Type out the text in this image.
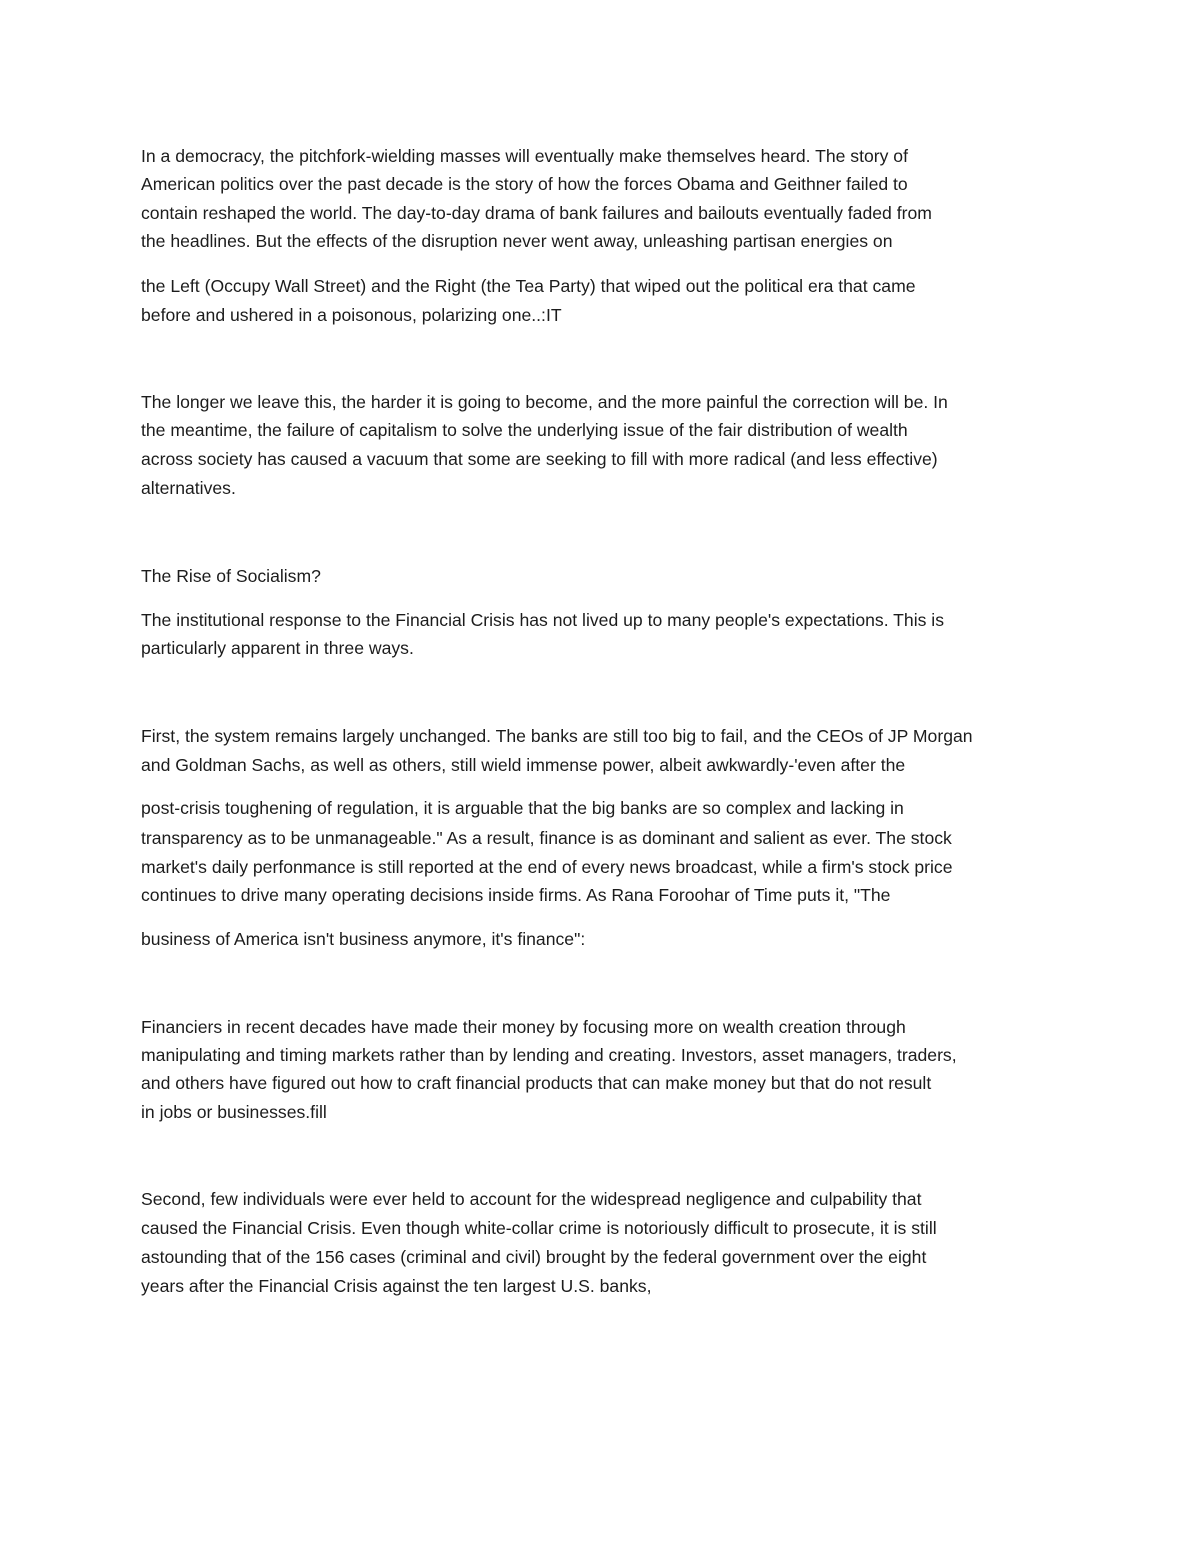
In a democracy, the pitchfork-wielding masses will eventually make themselves heard. The story of

American politics over the past decade is the story of how the forces Obama and Geithner failed to

contain reshaped the world. The day-to-day drama of bank failures and bailouts eventually faded from

the headlines. But the effects of the disruption never went away, unleashing partisan energies on

the Left (Occupy Wall Street) and the Right (the Tea Party) that wiped out the political era that came

before and ushered in a poisonous, polarizing one..:IT

The longer we leave this, the harder it is going to become, and the more painful the correction will be. In

the meantime, the failure of capitalism to solve the underlying issue of the fair distribution of wealth

across society has caused a vacuum that some are seeking to fill with more radical (and less effective)

alternatives.

The Rise of Socialism?

The institutional response to the Financial Crisis has not lived up to many people's expectations. This is

particularly apparent in three ways.

First, the system remains largely unchanged. The banks are still too big to fail, and the CEOs of JP Morgan

and Goldman Sachs, as well as others, still wield immense power, albeit awkwardly-'even after the

post-crisis toughening of regulation, it is arguable that the big banks are so complex and lacking in

transparency as to be unmanageable." As a result, finance is as dominant and salient as ever. The stock

market's daily perfonmance is still reported at the end of every news broadcast, while a firm's stock price

continues to drive many operating decisions inside firms. As Rana Foroohar of Time puts it, "The

business of America isn't business anymore, it's finance":

Financiers in recent decades have made their money by focusing more on wealth creation through

manipulating and timing markets rather than by lending and creating. Investors, asset managers, traders,

and others have figured out how to craft financial products that can make money but that do not result

in jobs or businesses.fill

Second, few individuals were ever held to account for the widespread negligence and culpability that

caused the Financial Crisis. Even though white-collar crime is notoriously difficult to prosecute, it is still

astounding that of the 156 cases (criminal and civil) brought by the federal government over the eight

years after the Financial Crisis against the ten largest U.S. banks,
